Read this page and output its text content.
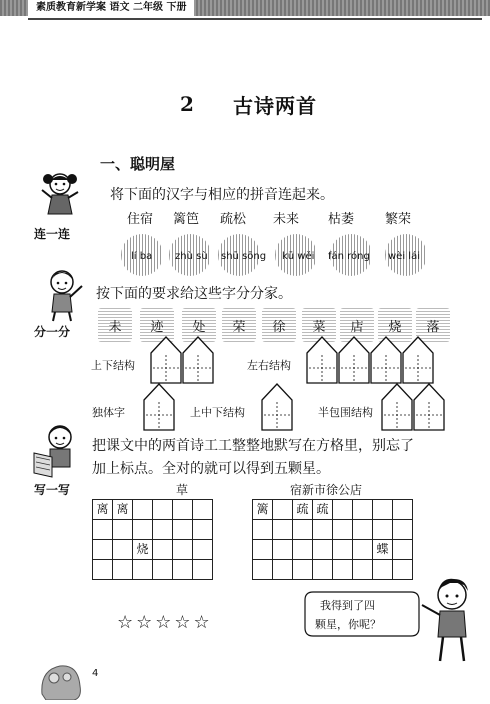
素质教育新学案 语文 二年级 下册
2 古诗两首
一、聪明屋
连一连
将下面的汉字与相应的拼音连起来。
住宿 篱笆 疏松 未来 枯萎 繁荣
lí ba zhù sù shū sōng kū wěi fán róng wèi lái
分一分
按下面的要求给这些字分分家。
未	迹	处	荣	徐	菜	店	烧	落
上下结构	左右结构
独体字	上中下结构	半包围结构
写一写
把课文中的两首诗工工整整地默写在方格里，别忘了
加上标点。全对的就可以得到五颗星。
草	宿新市徐公店
离	离				

		烧			

篱		疏	疏				

						蝶	

☆☆☆☆☆
我得到了四
颗星，你呢？
4
